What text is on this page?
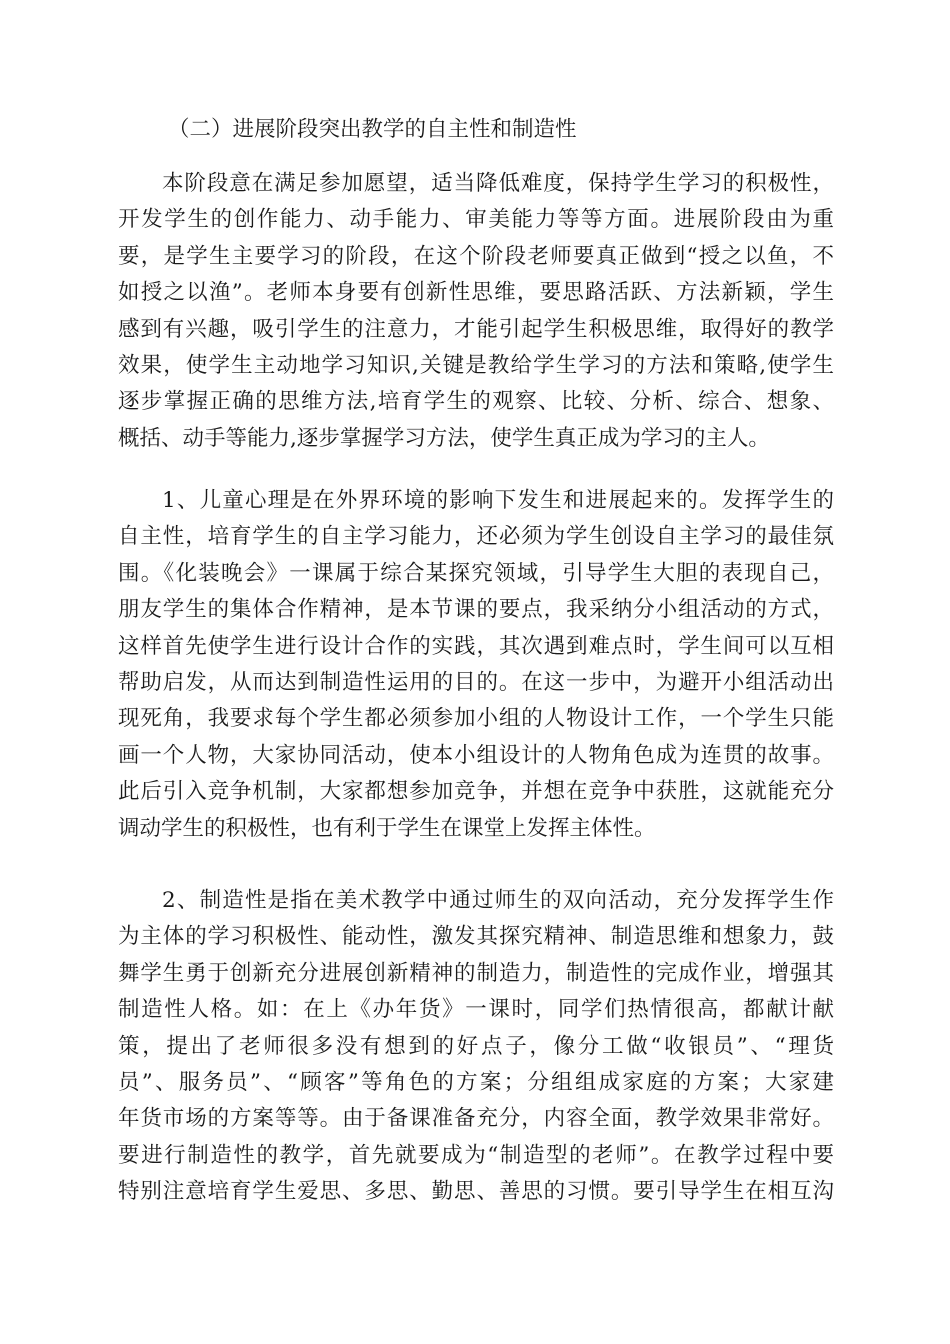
（二）进展阶段突出教学的自主性和制造性
本阶段意在满足参加愿望，适当降低难度，保持学生学习的积极性，
开发学生的创作能力、动手能力、审美能力等等方面。进展阶段由为重
要，是学生主要学习的阶段，在这个阶段老师要真正做到“授之以鱼，不
如授之以渔”。老师本身要有创新性思维，要思路活跃、方法新颖，学生
感到有兴趣，吸引学生的注意力，才能引起学生积极思维，取得好的教学
效果，使学生主动地学习知识,关键是教给学生学习的方法和策略,使学生
逐步掌握正确的思维方法,培育学生的观察、比较、分析、综合、想象、
概括、动手等能力,逐步掌握学习方法，使学生真正成为学习的主人。
1、儿童心理是在外界环境的影响下发生和进展起来的。发挥学生的
自主性，培育学生的自主学习能力，还必须为学生创设自主学习的最佳氛
围。《化装晚会》一课属于综合某探究领域，引导学生大胆的表现自己，
朋友学生的集体合作精神，是本节课的要点，我采纳分小组活动的方式，
这样首先使学生进行设计合作的实践，其次遇到难点时，学生间可以互相
帮助启发，从而达到制造性运用的目的。在这一步中，为避开小组活动出
现死角，我要求每个学生都必须参加小组的人物设计工作，一个学生只能
画一个人物，大家协同活动，使本小组设计的人物角色成为连贯的故事。
此后引入竞争机制，大家都想参加竞争，并想在竞争中获胜，这就能充分
调动学生的积极性，也有利于学生在课堂上发挥主体性。
2、制造性是指在美术教学中通过师生的双向活动，充分发挥学生作
为主体的学习积极性、能动性，激发其探究精神、制造思维和想象力，鼓
舞学生勇于创新充分进展创新精神的制造力，制造性的完成作业，增强其
制造性人格。如：在上《办年货》一课时，同学们热情很高，都献计献
策，提出了老师很多没有想到的好点子，像分工做“收银员”、“理货
员”、服务员”、“顾客”等角色的方案；分组组成家庭的方案；大家建
年货市场的方案等等。由于备课准备充分，内容全面，教学效果非常好。
要进行制造性的教学，首先就要成为“制造型的老师”。在教学过程中要
特别注意培育学生爱思、多思、勤思、善思的习惯。要引导学生在相互沟
